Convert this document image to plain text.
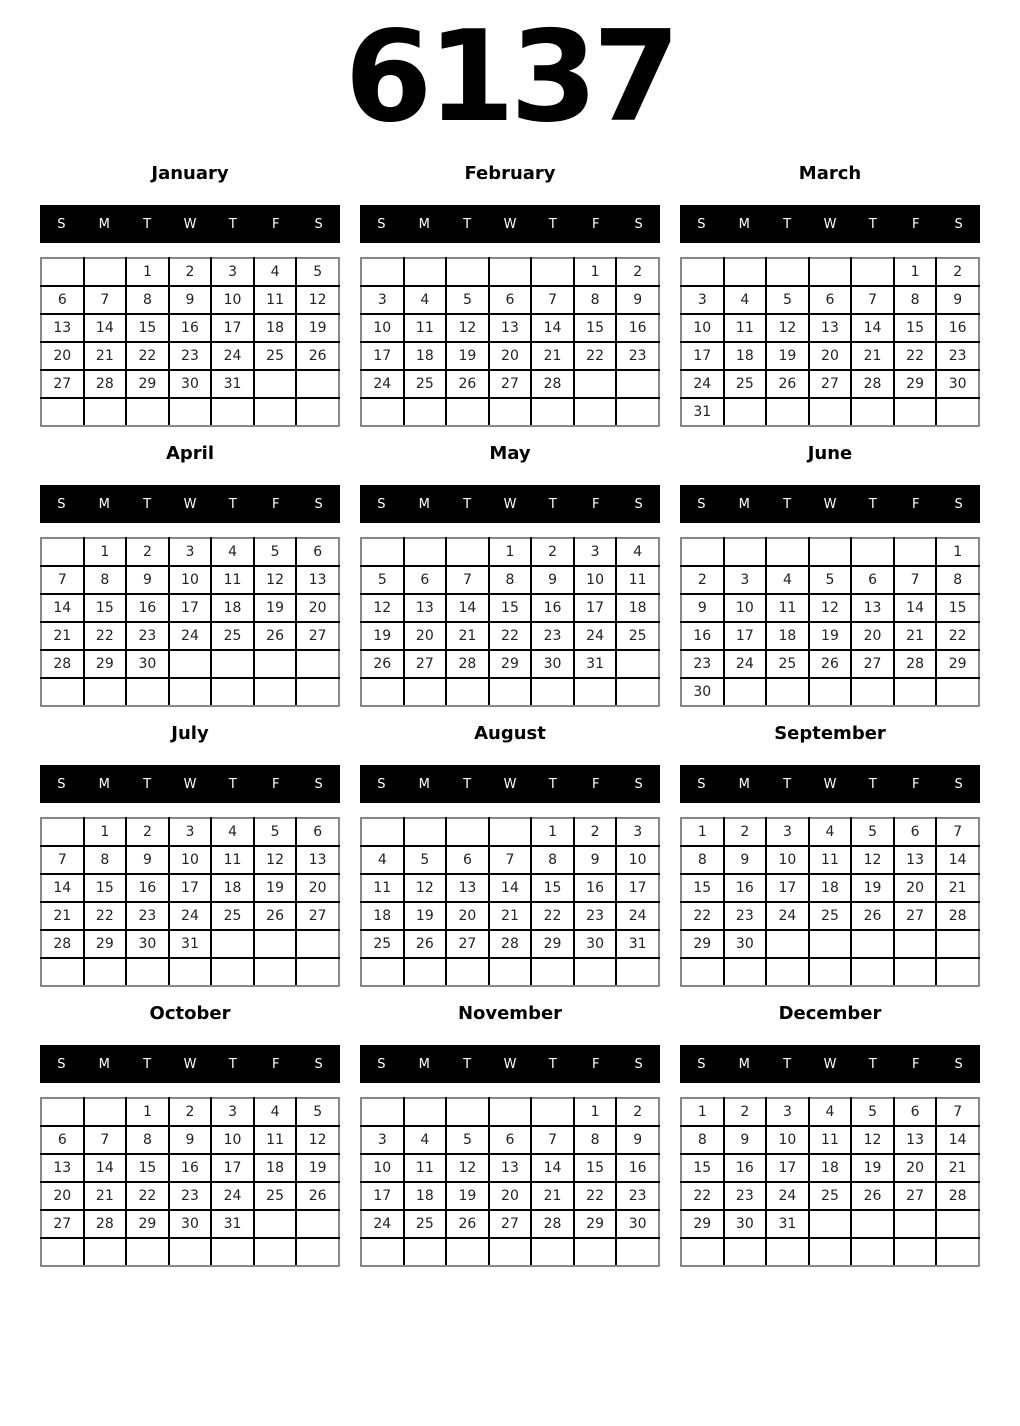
6137
January
S	M	T	W	T	F	S
		1	2	3	4	5
6	7	8	9	10	11	12
13	14	15	16	17	18	19
20	21	22	23	24	25	26
27	28	29	30	31		

February
S	M	T	W	T	F	S
					1	2
3	4	5	6	7	8	9
10	11	12	13	14	15	16
17	18	19	20	21	22	23
24	25	26	27	28		

March
S	M	T	W	T	F	S
					1	2
3	4	5	6	7	8	9
10	11	12	13	14	15	16
17	18	19	20	21	22	23
24	25	26	27	28	29	30
31						
April
S	M	T	W	T	F	S
	1	2	3	4	5	6
7	8	9	10	11	12	13
14	15	16	17	18	19	20
21	22	23	24	25	26	27
28	29	30				

May
S	M	T	W	T	F	S
			1	2	3	4
5	6	7	8	9	10	11
12	13	14	15	16	17	18
19	20	21	22	23	24	25
26	27	28	29	30	31	

June
S	M	T	W	T	F	S
						1
2	3	4	5	6	7	8
9	10	11	12	13	14	15
16	17	18	19	20	21	22
23	24	25	26	27	28	29
30						
July
S	M	T	W	T	F	S
	1	2	3	4	5	6
7	8	9	10	11	12	13
14	15	16	17	18	19	20
21	22	23	24	25	26	27
28	29	30	31			

August
S	M	T	W	T	F	S
				1	2	3
4	5	6	7	8	9	10
11	12	13	14	15	16	17
18	19	20	21	22	23	24
25	26	27	28	29	30	31

September
S	M	T	W	T	F	S
1	2	3	4	5	6	7
8	9	10	11	12	13	14
15	16	17	18	19	20	21
22	23	24	25	26	27	28
29	30					

October
S	M	T	W	T	F	S
		1	2	3	4	5
6	7	8	9	10	11	12
13	14	15	16	17	18	19
20	21	22	23	24	25	26
27	28	29	30	31		

November
S	M	T	W	T	F	S
					1	2
3	4	5	6	7	8	9
10	11	12	13	14	15	16
17	18	19	20	21	22	23
24	25	26	27	28	29	30

December
S	M	T	W	T	F	S
1	2	3	4	5	6	7
8	9	10	11	12	13	14
15	16	17	18	19	20	21
22	23	24	25	26	27	28
29	30	31				
